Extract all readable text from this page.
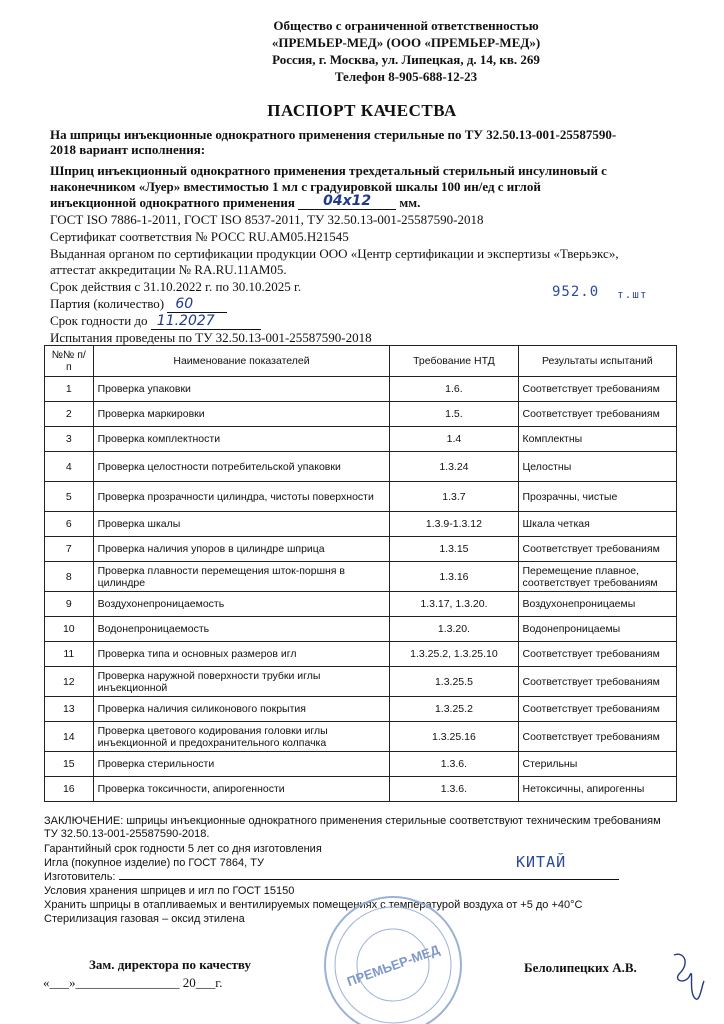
Общество с ограниченной ответственностью
«ПРЕМЬЕР-МЕД» (ООО «ПРЕМЬЕР-МЕД»)
Россия, г. Москва, ул. Липецкая, д. 14, кв. 269
Телефон 8-905-688-12-23
ПАСПОРТ КАЧЕСТВА
На шприцы инъекционные однократного применения стерильные по ТУ 32.50.13-001-25587590-
2018 вариант исполнения:
Шприц инъекционный однократного применения трехдетальный стерильный инсулиновый с
наконечником «Луер» вместимостью 1 мл с градуировкой шкалы 100 ин/ед с иглой
инъекционной однократного применения 04х12 мм.
ГОСТ ISO 7886-1-2011, ГОСТ ISO 8537-2011, ТУ 32.50.13-001-25587590-2018
Сертификат соответствия № РОСС RU.АМ05.Н21545
Выданная органом по сертификации продукции ООО «Центр сертификации и экспертизы «Тверьэкс»,
аттестат аккредитации № RA.RU.11АМ05.
Срок действия с 31.10.2022 г. по 30.10.2025 г.	952.0 т.шт
Партия (количество) 60
Срок годности до 11.2027
Испытания проведены по ТУ 32.50.13-001-25587590-2018
№№ п/п	Наименование показателей	Требование НТД	Результаты испытаний
1	Проверка упаковки	1.6.	Соответствует требованиям
2	Проверка маркировки	1.5.	Соответствует требованиям
3	Проверка комплектности	1.4	Комплектны
4	Проверка целостности потребительской упаковки	1.3.24	Целостны
5	Проверка прозрачности цилиндра, чистоты поверхности	1.3.7	Прозрачны, чистые
6	Проверка шкалы	1.3.9-1.3.12	Шкала четкая
7	Проверка наличия упоров в цилиндре шприца	1.3.15	Соответствует требованиям
8	Проверка плавности перемещения шток-поршня в цилиндре	1.3.16	Перемещение плавное, соответствует требованиям
9	Воздухонепроницаемость	1.3.17, 1.3.20.	Воздухонепроницаемы
10	Водонепроницаемость	1.3.20.	Водонепроницаемы
11	Проверка типа и основных размеров игл	1.3.25.2, 1.3.25.10	Соответствует требованиям
12	Проверка наружной поверхности трубки иглы инъекционной	1.3.25.5	Соответствует требованиям
13	Проверка наличия силиконового покрытия	1.3.25.2	Соответствует требованиям
14	Проверка цветового кодирования головки иглы инъекционной и предохранительного колпачка	1.3.25.16	Соответствует требованиям
15	Проверка стерильности	1.3.6.	Стерильны
16	Проверка токсичности, апирогенности	1.3.6.	Нетоксичны, апирогенны
ЗАКЛЮЧЕНИЕ: шприцы инъекционные однократного применения стерильные соответствуют техническим требованиям
ТУ 32.50.13-001-25587590-2018.
Гарантийный срок годности 5 лет со дня изготовления
Игла (покупное изделие) по ГОСТ 7864, ТУ
Изготовитель:
КИТАЙ
Условия хранения шприцев и игл по ГОСТ 15150
Хранить шприцы в отапливаемых и вентилируемых помещениях с температурой воздуха от +5 до +40°С
Стерилизация газовая – оксид этилена
ПРЕМЬЕР-МЕД
Зам. директора по качеству
«___»________________ 20___г.
Белолипецких А.В.
